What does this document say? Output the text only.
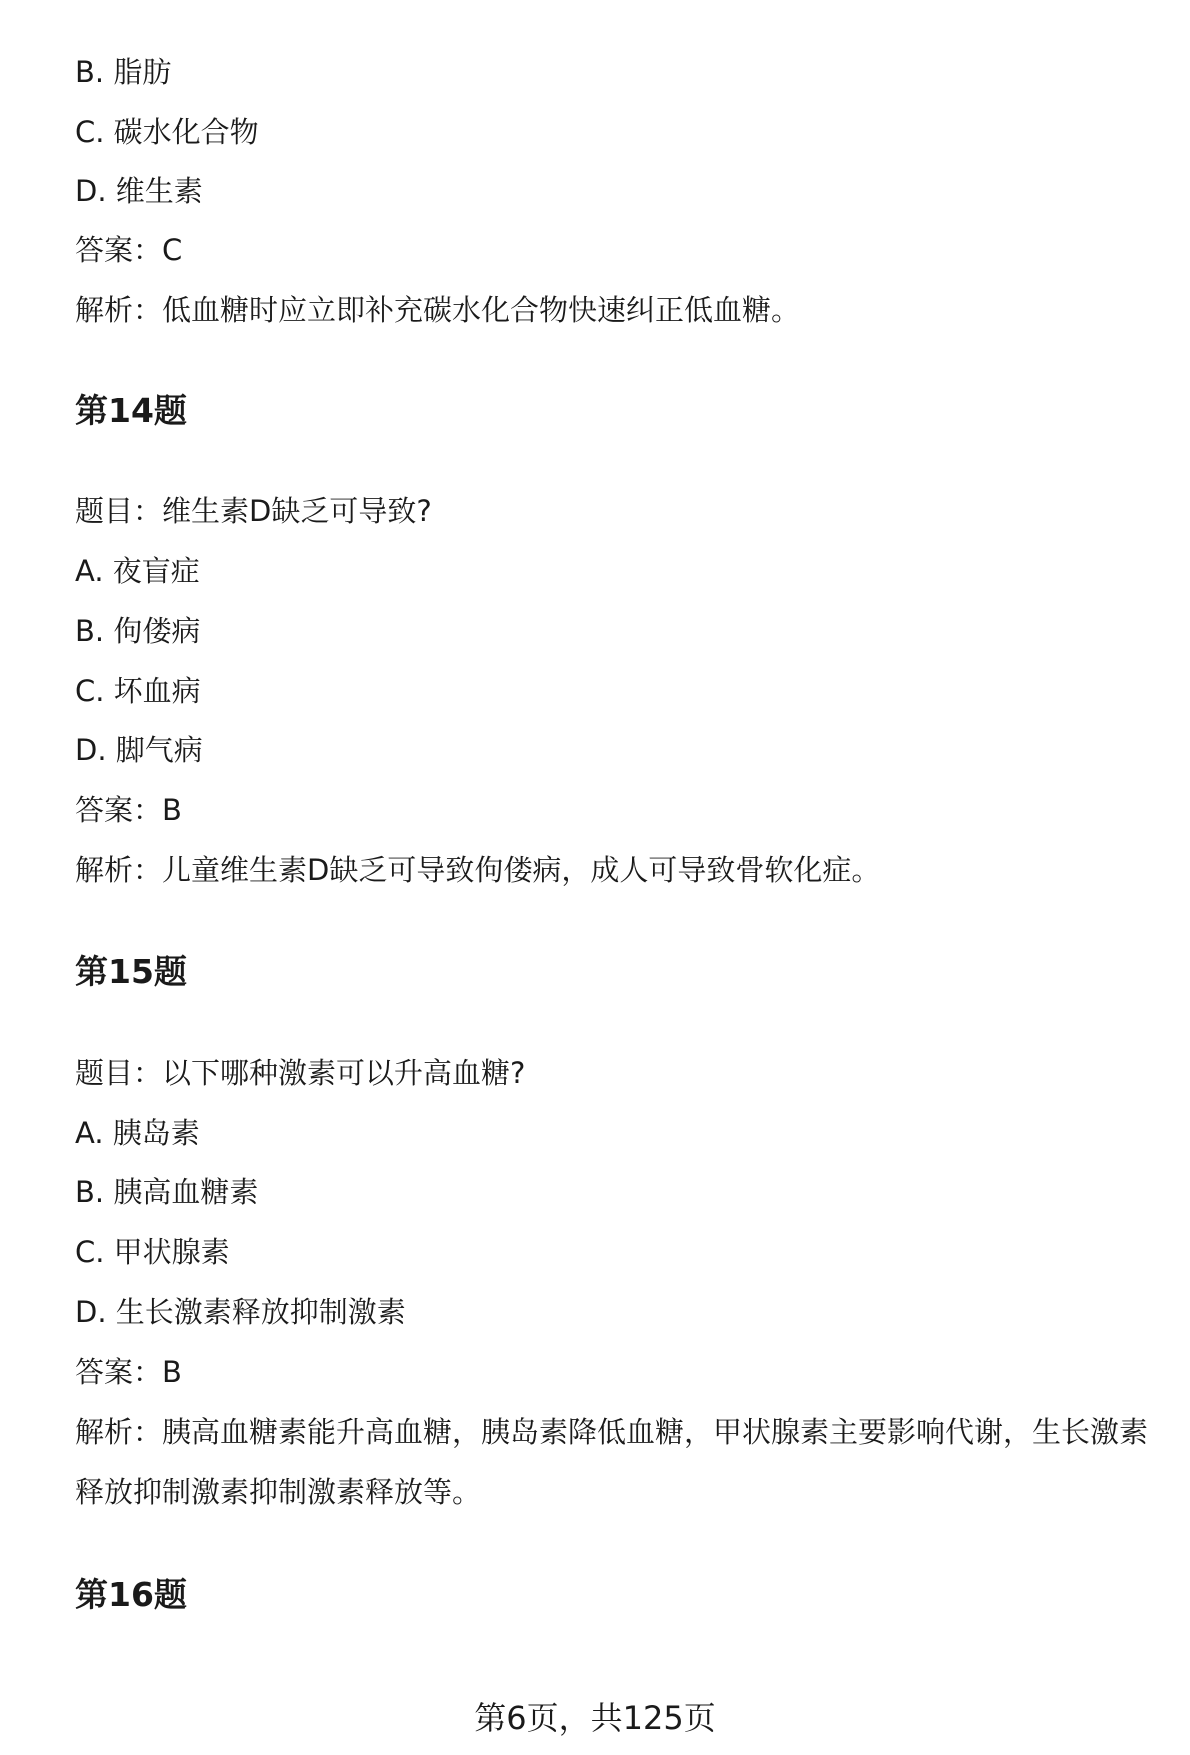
B. 脂肪
C. 碳水化合物
D. 维生素
答案：C
解析：低血糖时应立即补充碳水化合物快速纠正低血糖。
第14题
题目：维生素D缺乏可导致?
A. 夜盲症
B. 佝偻病
C. 坏血病
D. 脚气病
答案：B
解析：儿童维生素D缺乏可导致佝偻病，成人可导致骨软化症。
第15题
题目：以下哪种激素可以升高血糖?
A. 胰岛素
B. 胰高血糖素
C. 甲状腺素
D. 生长激素释放抑制激素
答案：B
解析：胰高血糖素能升高血糖，胰岛素降低血糖，甲状腺素主要影响代谢，生长激素释放抑制激素抑制激素释放等。
第16题
第6页，共125页
